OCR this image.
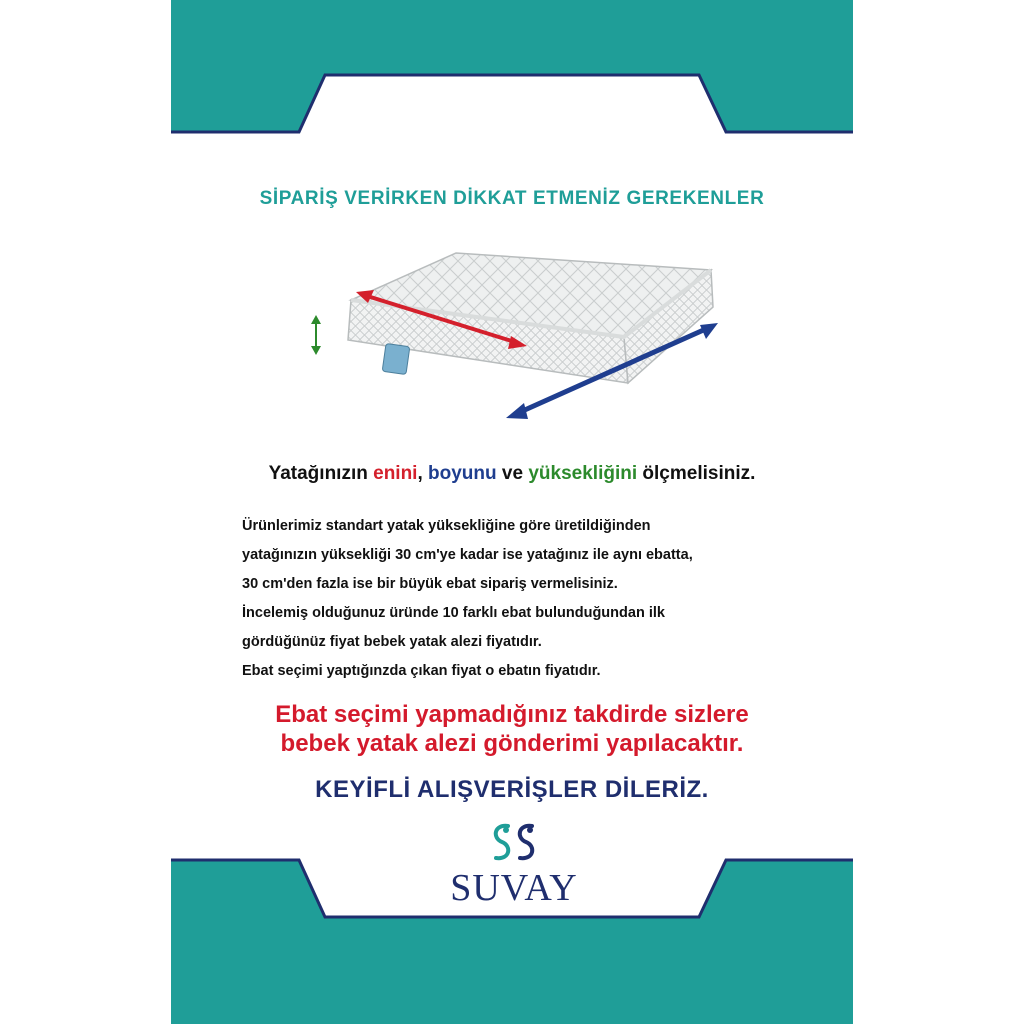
SİPARİŞ VERİRKEN DİKKAT ETMENİZ GEREKENLER
Yatağınızın enini, boyunu ve yüksekliğini ölçmelisiniz.

Ürünlerimiz standart yatak yüksekliğine göre üretildiğinden

yatağınızın yüksekliği 30 cm'ye kadar ise yatağınız ile aynı ebatta,

30 cm'den fazla ise bir büyük ebat sipariş vermelisiniz.

İncelemiş olduğunuz üründe 10 farklı ebat bulunduğundan ilk

gördüğünüz fiyat bebek yatak alezi fiyatıdır.

Ebat seçimi yaptığınzda çıkan fiyat o ebatın fiyatıdır.

Ebat seçimi yapmadığınız takdirde sizlere

bebek yatak alezi gönderimi yapılacaktır.

KEYİFLİ ALIŞVERİŞLER DİLERİZ.
SUVAY
